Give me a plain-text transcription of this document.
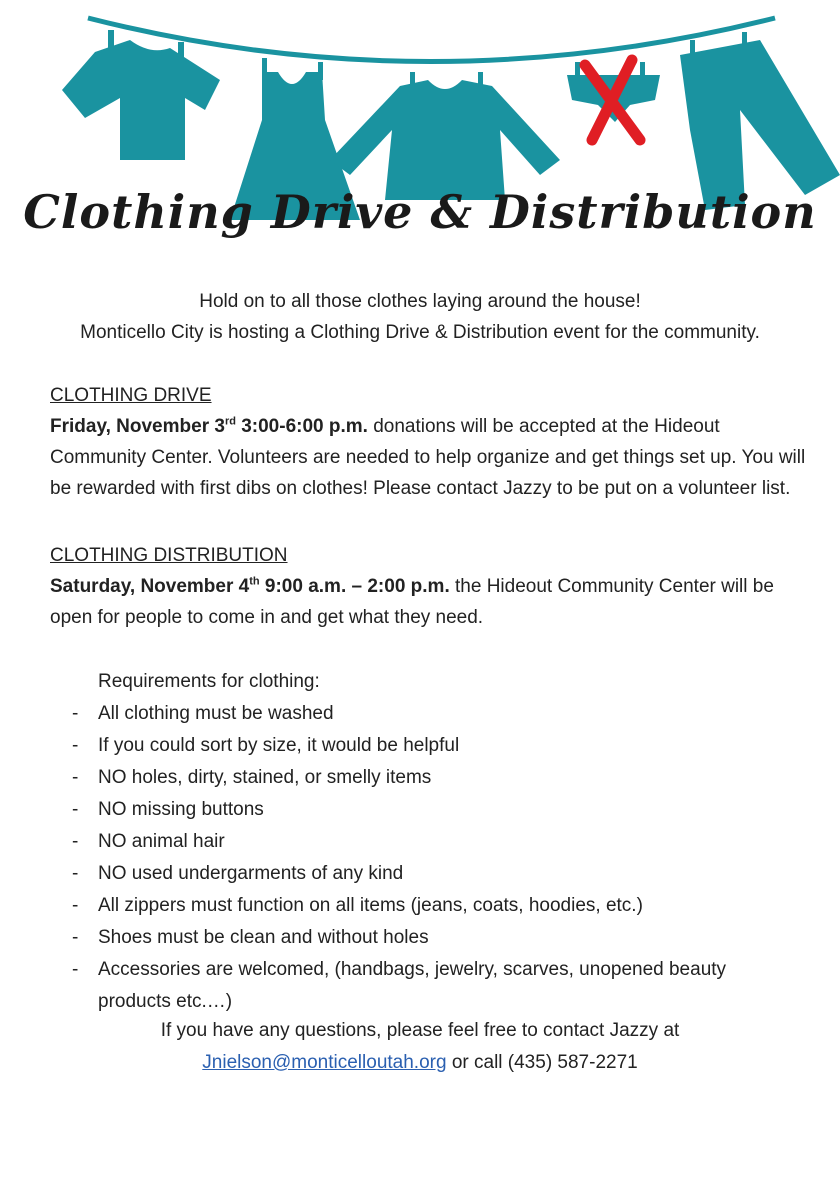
Clothing Drive & Distribution
Hold on to all those clothes laying around the house!
Monticello City is hosting a Clothing Drive & Distribution event for the community.
CLOTHING DRIVE
Friday, November 3rd 3:00-6:00 p.m. donations will be accepted at the Hideout Community Center. Volunteers are needed to help organize and get things set up. You will be rewarded with first dibs on clothes! Please contact Jazzy to be put on a volunteer list.
CLOTHING DISTRIBUTION
Saturday, November 4th 9:00 a.m. – 2:00 p.m. the Hideout Community Center will be open for people to come in and get what they need.
Requirements for clothing:
- All clothing must be washed
- If you could sort by size, it would be helpful
- NO holes, dirty, stained, or smelly items
- NO missing buttons
- NO animal hair
- NO used undergarments of any kind
- All zippers must function on all items (jeans, coats, hoodies, etc.)
- Shoes must be clean and without holes
- Accessories are welcomed, (handbags, jewelry, scarves, unopened beauty products etc.…)
If you have any questions, please feel free to contact Jazzy at
Jnielson@monticelloutah.org or call (435) 587-2271
